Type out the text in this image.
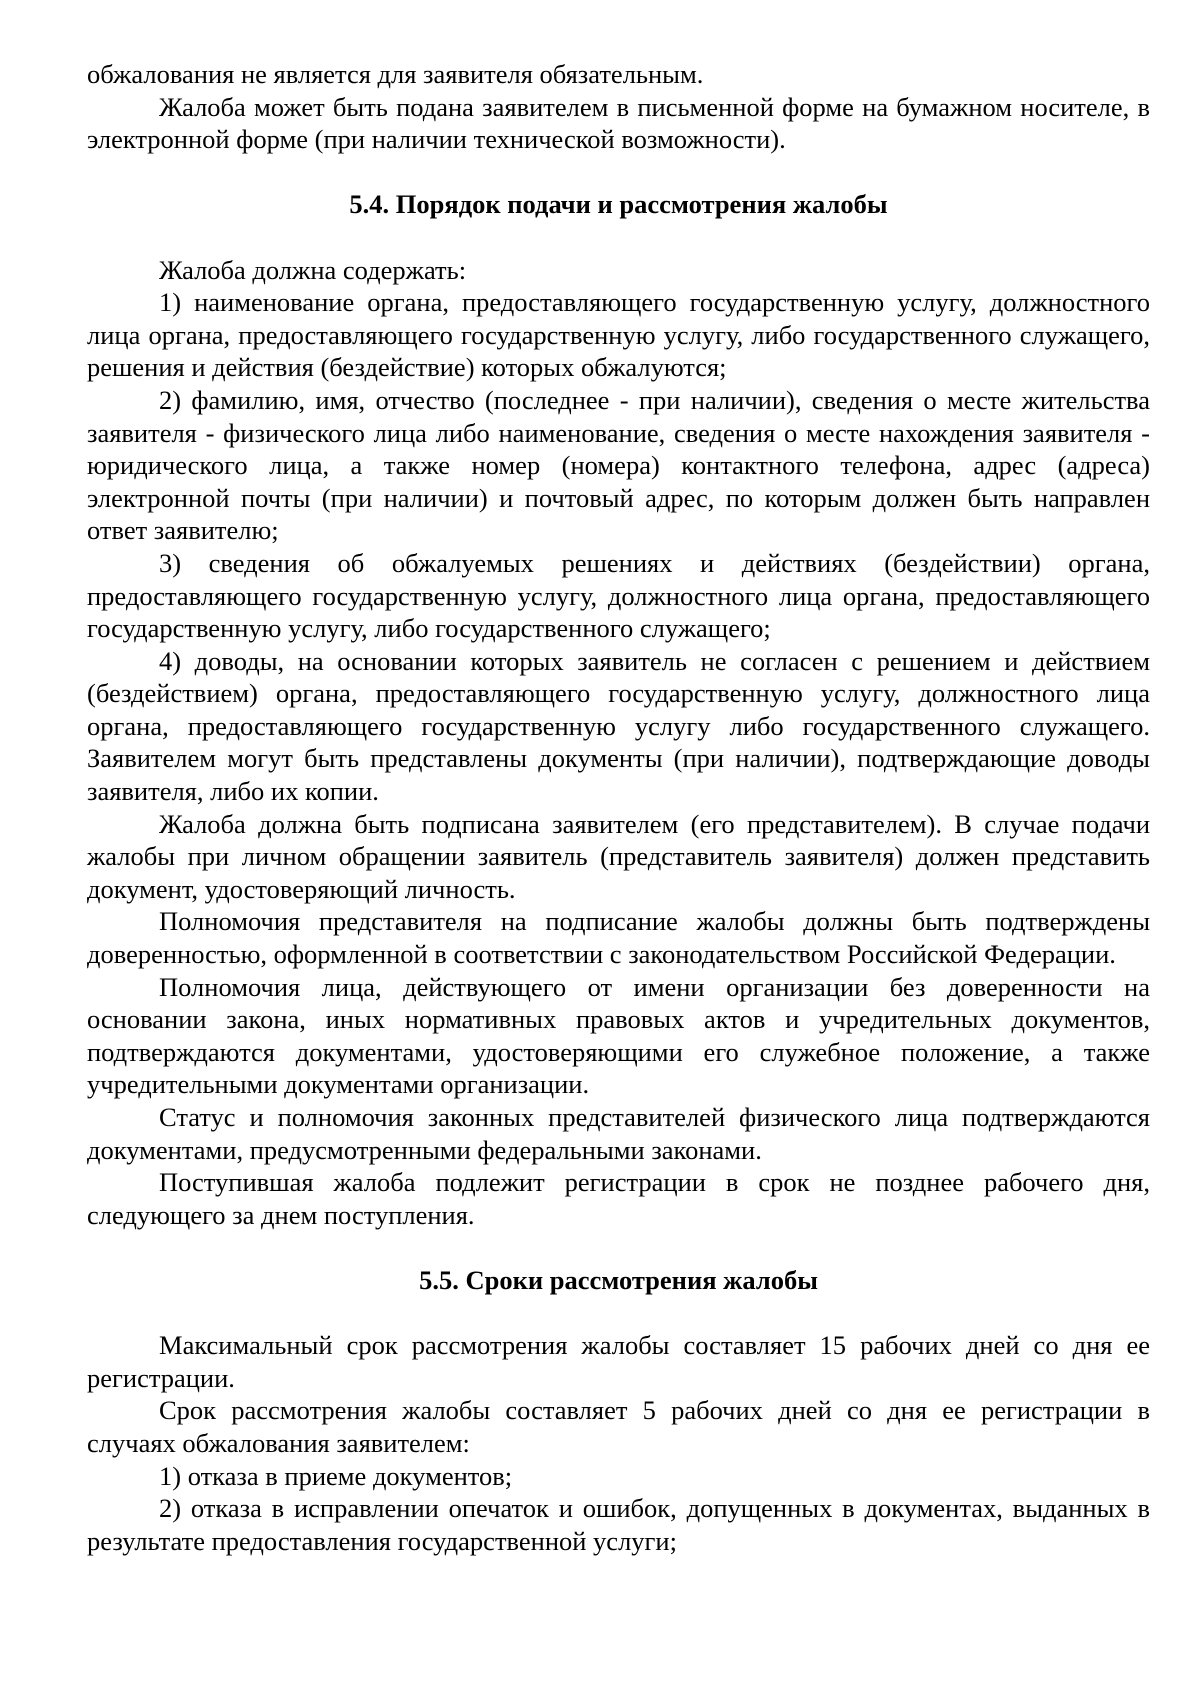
обжалования не является для заявителя обязательным.

Жалоба может быть подана заявителем в письменной форме на бумажном носителе, в электронной форме (при наличии технической возможности).

5.4. Порядок подачи и рассмотрения жалобы

Жалоба должна содержать:

1) наименование органа, предоставляющего государственную услугу, должностного лица органа, предоставляющего государственную услугу, либо государственного служащего, решения и действия (бездействие) которых обжалуются;

2) фамилию, имя, отчество (последнее - при наличии), сведения о месте жительства заявителя - физического лица либо наименование, сведения о месте нахождения заявителя - юридического лица, а также номер (номера) контактного телефона, адрес (адреса) электронной почты (при наличии) и почтовый адрес, по которым должен быть направлен ответ заявителю;

3) сведения об обжалуемых решениях и действиях (бездействии) органа, предоставляющего государственную услугу, должностного лица органа, предоставляющего государственную услугу, либо государственного служащего;

4) доводы, на основании которых заявитель не согласен с решением и действием (бездействием) органа, предоставляющего государственную услугу, должностного лица органа, предоставляющего государственную услугу либо государственного служащего. Заявителем могут быть представлены документы (при наличии), подтверждающие доводы заявителя, либо их копии.

Жалоба должна быть подписана заявителем (его представителем). В случае подачи жалобы при личном обращении заявитель (представитель заявителя) должен представить документ, удостоверяющий личность.

Полномочия представителя на подписание жалобы должны быть подтверждены доверенностью, оформленной в соответствии с законодательством Российской Федерации.

Полномочия лица, действующего от имени организации без доверенности на основании закона, иных нормативных правовых актов и учредительных документов, подтверждаются документами, удостоверяющими его служебное положение, а также учредительными документами организации.

Статус и полномочия законных представителей физического лица подтверждаются документами, предусмотренными федеральными законами.

Поступившая жалоба подлежит регистрации в срок не позднее рабочего дня, следующего за днем поступления.

5.5. Сроки рассмотрения жалобы

Максимальный срок рассмотрения жалобы составляет 15 рабочих дней со дня ее регистрации.

Срок рассмотрения жалобы составляет 5 рабочих дней со дня ее регистрации в случаях обжалования заявителем:

1) отказа в приеме документов;

2) отказа в исправлении опечаток и ошибок, допущенных в документах, выданных в результате предоставления государственной услуги;
